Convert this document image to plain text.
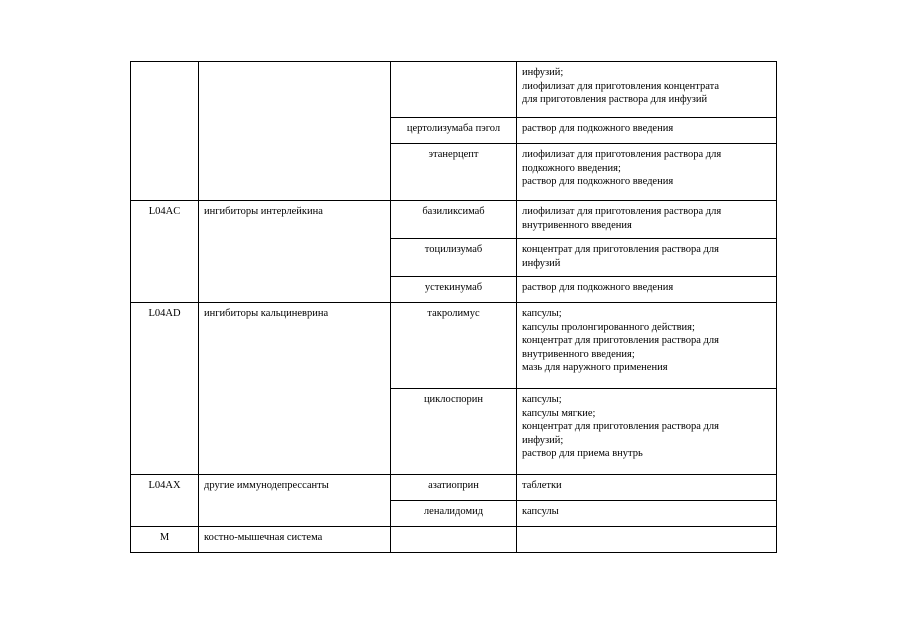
			инфузий;
лиофилизат для приготовления концентрата
для приготовления раствора для инфузий

		цертолизумаба пэгол	раствор для подкожного введения

		этанерцепт	лиофилизат для приготовления раствора для
подкожного введения;
раствор для подкожного введения

L04AC	ингибиторы интерлейкина	базиликсимаб	лиофилизат для приготовления раствора для
внутривенного введения

		тоцилизумаб	концентрат для приготовления раствора для
инфузий

		устекинумаб	раствор для подкожного введения

L04AD	ингибиторы кальциневрина	такролимус	капсулы;
капсулы пролонгированного действия;
концентрат для приготовления раствора для
внутривенного введения;
мазь для наружного применения

		циклоспорин	капсулы;
капсулы мягкие;
концентрат для приготовления раствора для
инфузий;
раствор для приема внутрь

L04AX	другие иммунодепрессанты	азатиоприн	таблетки

		леналидомид	капсулы

M	костно-мышечная система		
